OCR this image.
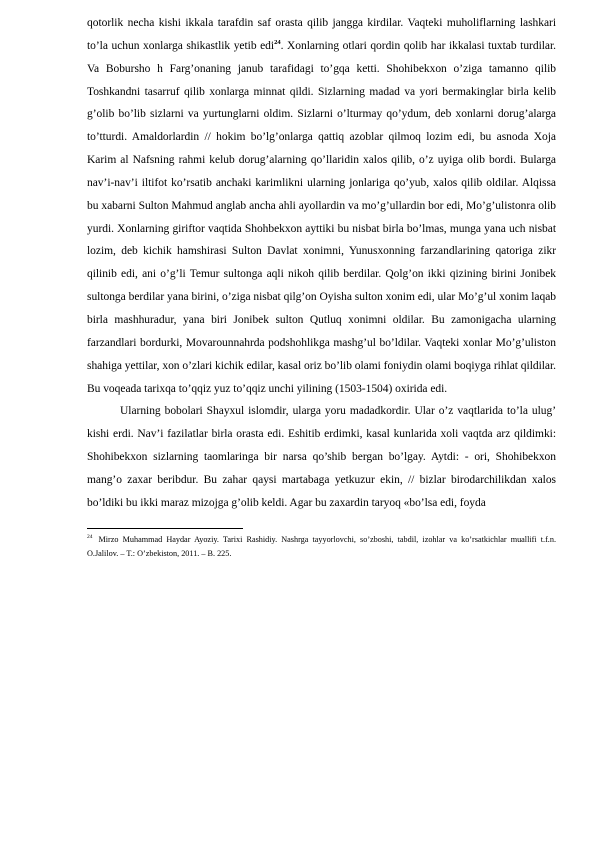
qotorlik necha kishi ikkala tarafdin saf orasta qilib jangga kirdilar. Vaqteki muholiflarning lashkari to’la uchun xonlarga shikastlik yetib edi$^{24}$. Xonlarning otlari qordin qolib har ikkalasi tuxtab turdilar. Va Bobursho h Farg’onaning janub tarafidagi to’gqa ketti. Shohibekxon o’ziga tamanno qilib Toshkandni tasarruf qilib xonlarga minnat qildi. Sizlarning madad va yori bermakinglar birla kelib g’olib bo’lib sizlarni va yurtunglarni oldim. Sizlarni o’lturmay qo’ydum, deb xonlarni dorug’alarga to’tturdi. Amaldorlardin // hokim bo’lg’onlarga qattiq azoblar qilmoq lozim edi, bu asnoda Xoja Karim al Nafsning rahmi kelub dorug’alarning qo’llaridin xalos qilib, o’z uyiga olib bordi. Bularga nav’i-nav’i iltifot ko’rsatib anchaki karimlikni ularning jonlariga qo’yub, xalos qilib oldilar. Alqissa bu xabarni Sulton Mahmud anglab ancha ahli ayollardin va mo’g’ullardin bor edi, Mo’g’ulistonra olib yurdi. Xonlarning giriftor vaqtida Shohbekxon ayttiki bu nisbat birla bo’lmas, munga yana uch nisbat lozim, deb kichik hamshirasi Sulton Davlat xonimni, Yunusxonning farzandlarining qatoriga zikr qilinib edi, ani o’g’li Temur sultonga aqli nikoh qilib berdilar. Qolg’on ikki qizining birini Jonibek sultonga berdilar yana birini, o’ziga nisbat qilg’on Oyisha sulton xonim edi, ular Mo’g’ul xonim laqab birla mashhuradur, yana biri Jonibek sulton Qutluq xonimni oldilar. Bu zamonigacha ularning farzandlari bordurki, Movarounnahrda podshohlikga mashg’ul bo’ldilar. Vaqteki xonlar Mo’g’uliston shahiga yettilar, xon o’zlari kichik edilar, kasal oriz bo’lib olami foniydin olami boqiyga rihlat qildilar. Bu voqeada tarixqa to’qqiz yuz to’qqiz unchi yilining (1503-1504) oxirida edi.

Ularning bobolari Shayxul islomdir, ularga yoru madadkordir. Ular o’z vaqtlarida to’la ulug’ kishi erdi. Nav’i fazilatlar birla orasta edi. Eshitib erdimki, kasal kunlarida xoli vaqtda arz qildimki: Shohibekxon sizlarning taomlaringa bir narsa qo’shib bergan bo’lgay. Aytdi: - ori, Shohibekxon mang’o zaxar beribdur. Bu zahar qaysi martabaga yetkuzur ekin, // bizlar birodarchilikdan xalos bo’ldiki bu ikki maraz mizojga g’olib keldi. Agar bu zaxardin taryoq «bo’lsa edi, foyda

$^{24}$ Mirzo Muhammad Haydar Ayoziy. Tarixi Rashidiy. Nashrga tayyorlovchi, so’zboshi, tabdil, izohlar va ko’rsatkichlar muallifi t.f.n. O.Jalilov. – T.: O’zbekiston, 2011. – B. 225.
